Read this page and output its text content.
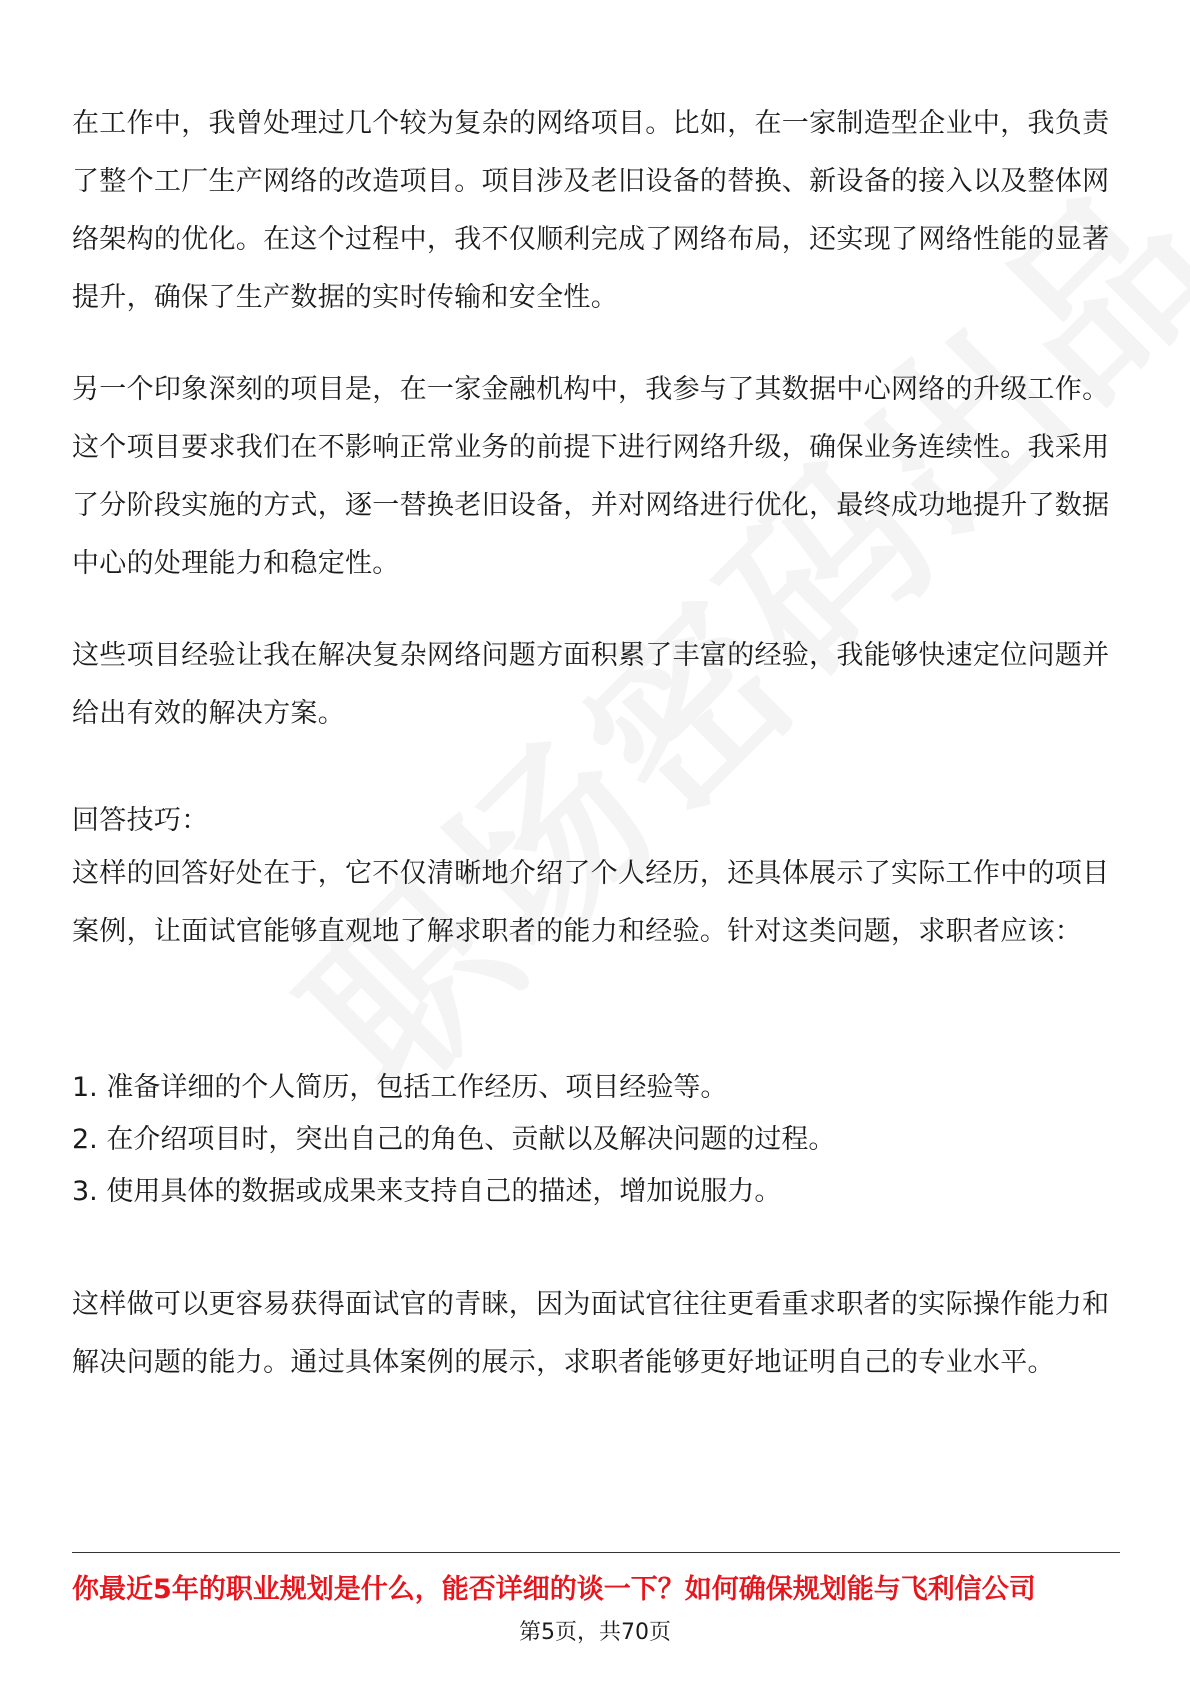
在工作中，我曾处理过几个较为复杂的网络项目。比如，在一家制造型企业中，我负责了整个工厂生产网络的改造项目。项目涉及老旧设备的替换、新设备的接入以及整体网络架构的优化。在这个过程中，我不仅顺利完成了网络布局，还实现了网络性能的显著提升，确保了生产数据的实时传输和安全性。

另一个印象深刻的项目是，在一家金融机构中，我参与了其数据中心网络的升级工作。这个项目要求我们在不影响正常业务的前提下进行网络升级，确保业务连续性。我采用了分阶段实施的方式，逐一替换老旧设备，并对网络进行优化，最终成功地提升了数据中心的处理能力和稳定性。

这些项目经验让我在解决复杂网络问题方面积累了丰富的经验，我能够快速定位问题并给出有效的解决方案。

回答技巧：

这样的回答好处在于，它不仅清晰地介绍了个人经历，还具体展示了实际工作中的项目案例，让面试官能够直观地了解求职者的能力和经验。针对这类问题，求职者应该：

1. 准备详细的个人简历，包括工作经历、项目经验等。

2. 在介绍项目时，突出自己的角色、贡献以及解决问题的过程。

3. 使用具体的数据或成果来支持自己的描述，增加说服力。

这样做可以更容易获得面试官的青睐，因为面试官往往更看重求职者的实际操作能力和解决问题的能力。通过具体案例的展示，求职者能够更好地证明自己的专业水平。

你最近5年的职业规划是什么，能否详细的谈一下？如何确保规划能与飞利信公司

第5页，共70页
